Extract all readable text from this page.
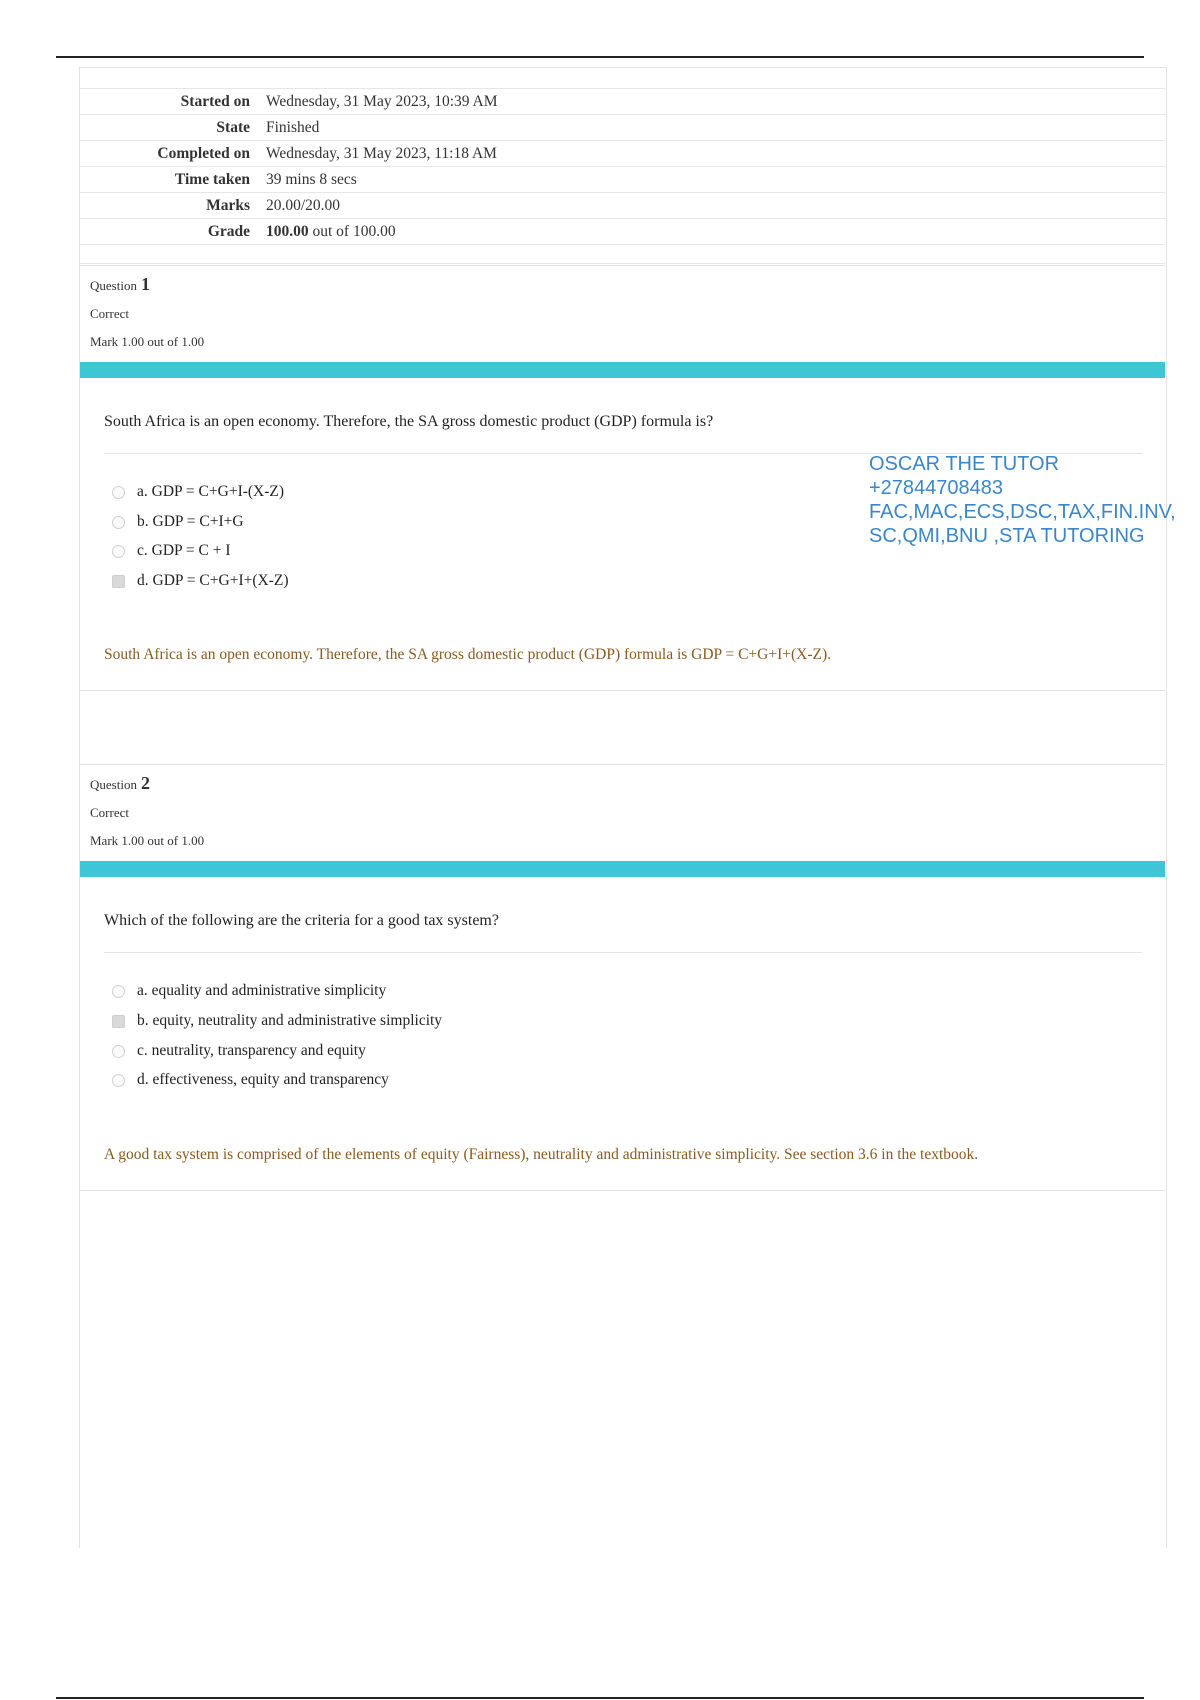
Started on	Wednesday, 31 May 2023, 10:39 AM
State	Finished
Completed on	Wednesday, 31 May 2023, 11:18 AM
Time taken	39 mins 8 secs
Marks	20.00/20.00
Grade	100.00 out of 100.00
Question 1
Correct
Mark 1.00 out of 1.00
South Africa is an open economy. Therefore, the SA gross domestic product (GDP) formula is?
a. GDP = C+G+I-(X-Z)
b. GDP = C+I+G
c. GDP = C + I
d. GDP = C+G+I+(X-Z)
South Africa is an open economy. Therefore, the SA gross domestic product (GDP) formula is GDP = C+G+I+(X-Z).
Question 2
Correct
Mark 1.00 out of 1.00
Which of the following are the criteria for a good tax system?
a. equality and administrative simplicity
b. equity, neutrality and administrative simplicity
c. neutrality, transparency and equity
d. effectiveness, equity and transparency
A good tax system is comprised of the elements of equity (Fairness), neutrality and administrative simplicity. See section 3.6 in the textbook.
OSCAR THE TUTOR
+27844708483
FAC,MAC,ECS,DSC,TAX,FIN.INV,
SC,QMI,BNU ,STA TUTORING
